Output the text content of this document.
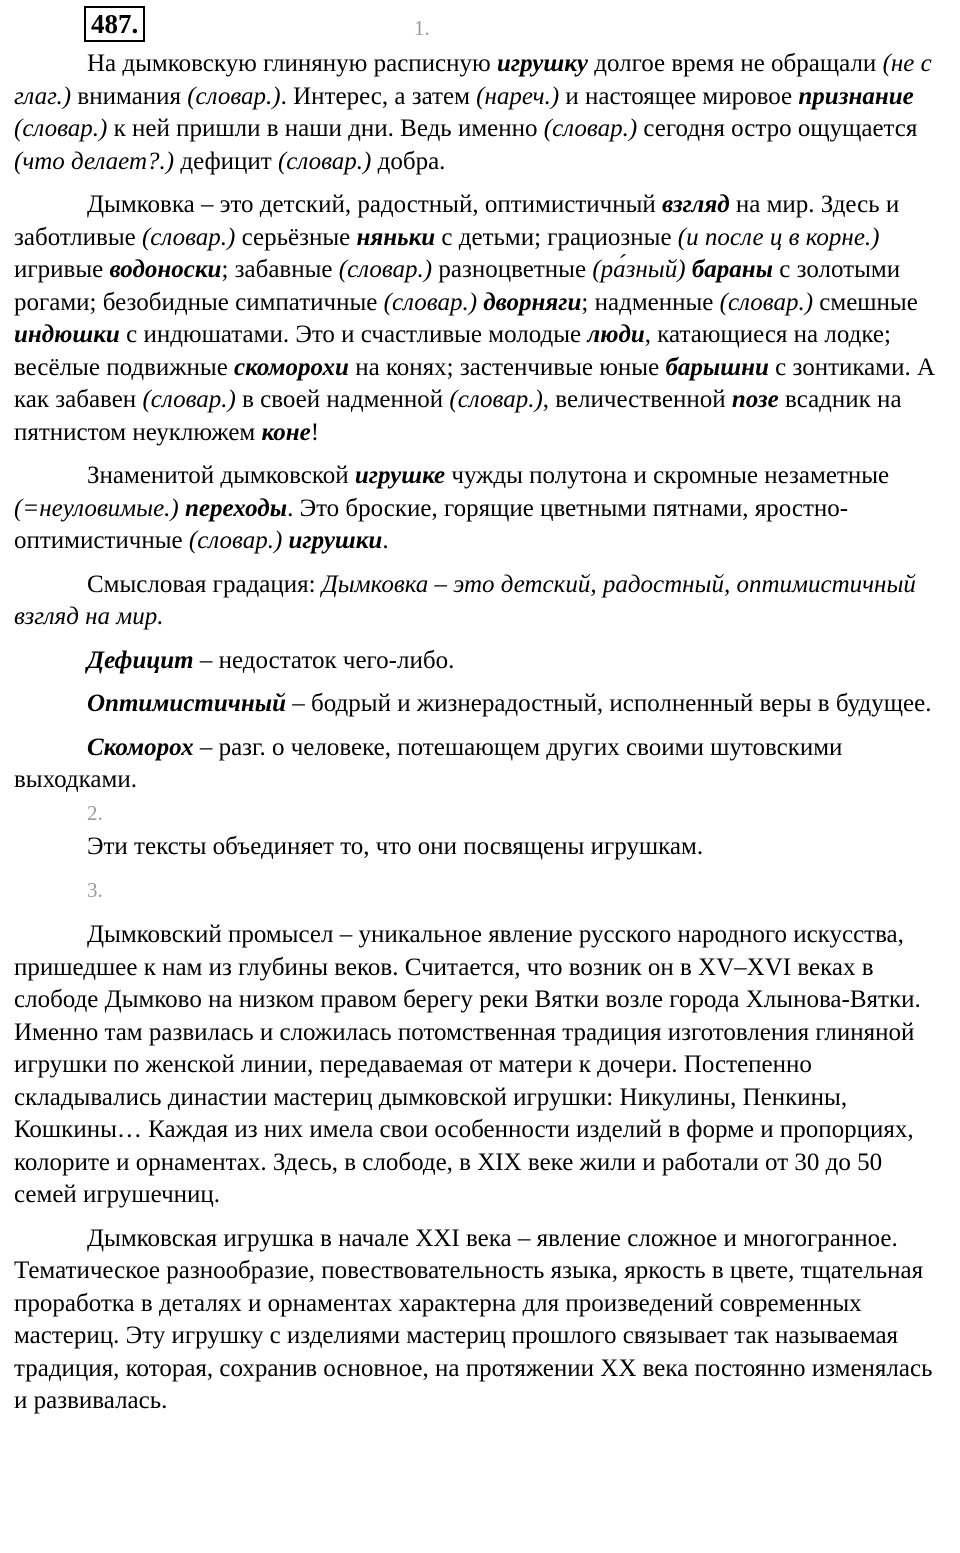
487.	1.

На дымковскую глиняную расписную игрушку долгое время не обращали (не с глаг.) внимания (словар.). Интерес, а затем (нареч.) и настоящее мировое признание (словар.) к ней пришли в наши дни. Ведь именно (словар.) сегодня остро ощущается (что делает?.) дефицит (словар.) добра.

Дымковка – это детский, радостный, оптимистичный взгляд на мир. Здесь и заботливые (словар.) серьёзные няньки с детьми; грациозные (и после ц в корне.) игривые водоноски; забавные (словар.) разноцветные (ра́зный) бараны с золотыми рогами; безобидные симпатичные (словар.) дворняги; надменные (словар.) смешные индюшки с индюшатами. Это и счастливые молодые люди, катающиеся на лодке; весёлые подвижные скоморохи на конях; застенчивые юные барышни с зонтиками. А как забавен (словар.) в своей надменной (словар.), величественной позе всадник на пятнистом неуклюжем коне!

Знаменитой дымковской игрушке чужды полутона и скромные незаметные (=неуловимые.) переходы. Это броские, горящие цветными пятнами, яростно-оптимистичные (словар.) игрушки.

Смысловая градация: Дымковка – это детский, радостный, оптимистичный взгляд на мир.

Дефицит – недостаток чего-либо.

Оптимистичный – бодрый и жизнерадостный, исполненный веры в будущее.

Скоморох – разг. о человеке, потешающем других своими шутовскими выходками.

2.

Эти тексты объединяет то, что они посвящены игрушкам.

3.

Дымковский промысел – уникальное явление русского народного искусства, пришедшее к нам из глубины веков. Считается, что возник он в XV–XVI веках в слободе Дымково на низком правом берегу реки Вятки возле города Хлынова-Вятки. Именно там развилась и сложилась потомственная традиция изготовления глиняной игрушки по женской линии, передаваемая от матери к дочери. Постепенно складывались династии мастериц дымковской игрушки: Никулины, Пенкины, Кошкины… Каждая из них имела свои особенности изделий в форме и пропорциях, колорите и орнаментах. Здесь, в слободе, в XIX веке жили и работали от 30 до 50 семей игрушечниц.

Дымковская игрушка в начале XXI века – явление сложное и многогранное. Тематическое разнообразие, повествовательность языка, яркость в цвете, тщательная проработка в деталях и орнаментах характерна для произведений современных мастериц. Эту игрушку с изделиями мастериц прошлого связывает так называемая традиция, которая, сохранив основное, на протяжении XX века постоянно изменялась и развивалась.
